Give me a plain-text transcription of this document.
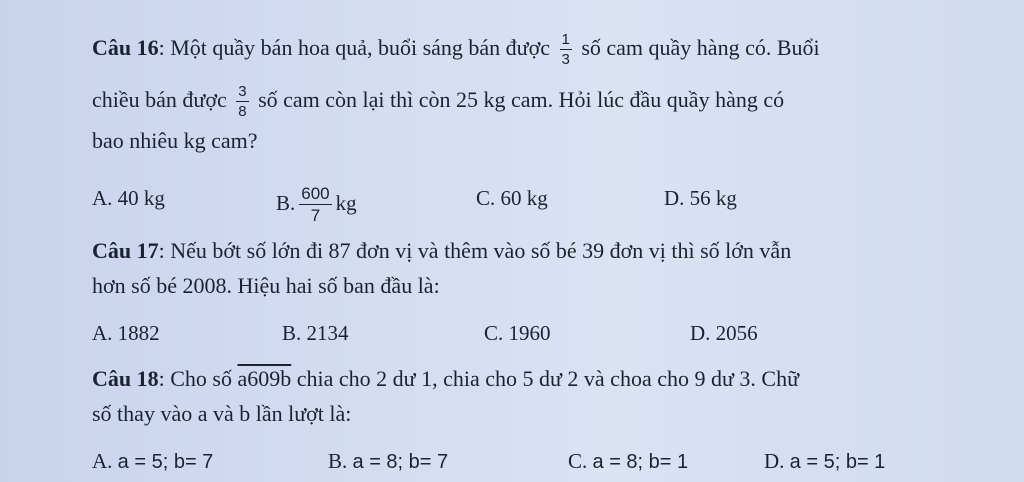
Câu 16: Một quầy bán hoa quả, buổi sáng bán được $\frac{1}{3}$ số cam quầy hàng có. Buổi
chiều bán được $\frac{3}{8}$ số cam còn lại thì còn 25 kg cam. Hỏi lúc đầu quầy hàng có
bao nhiêu kg cam?
A. 40 kg	B. $\frac{600}{7}$ kg	C. 60 kg	D. 56 kg
Câu 17: Nếu bớt số lớn đi 87 đơn vị và thêm vào số bé 39 đơn vị thì số lớn vẫn
hơn số bé 2008. Hiệu hai số ban đầu là:
A. 1882	B. 2134	C. 1960	D. 2056
Câu 18: Cho số a609b chia cho 2 dư 1, chia cho 5 dư 2 và choa cho 9 dư 3. Chữ
số thay vào a và b lần lượt là:
A. a = 5; b= 7	B. a = 8; b= 7	C. a = 8; b= 1	D. a = 5; b= 1
